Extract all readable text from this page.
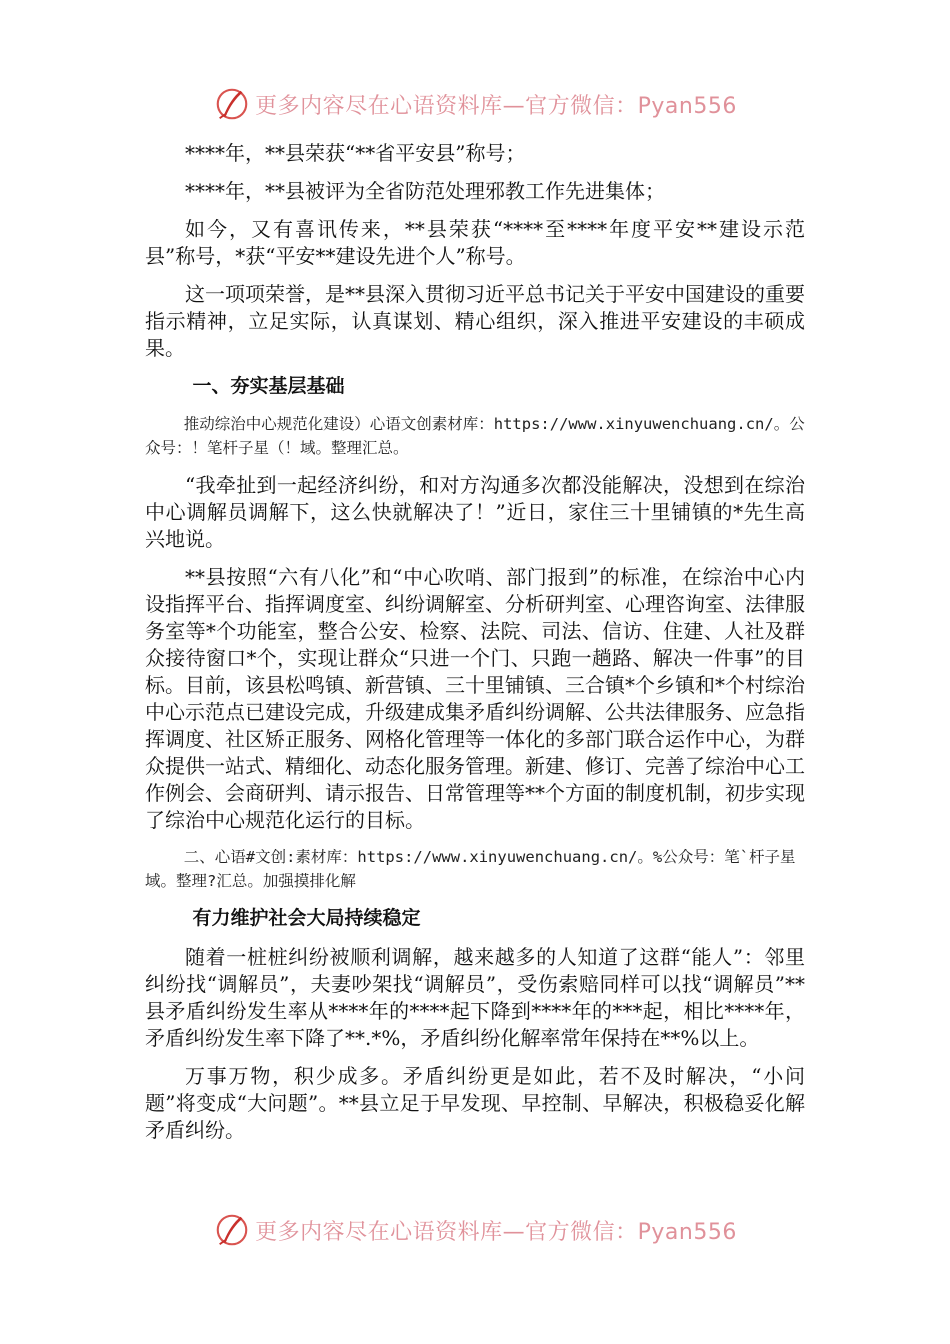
更多内容尽在心语资料库—官方微信：Pyan556

****年，**县荣获“**省平安县”称号；

****年，**县被评为全省防范处理邪教工作先进集体；

如今，又有喜讯传来，**县荣获“****至****年度平安**建设示范县”称号，*获“平安**建设先进个人”称号。

这一项项荣誉，是**县深入贯彻习近平总书记关于平安中国建设的重要指示精神，立足实际，认真谋划、精心组织，深入推进平安建设的丰硕成果。

一、夯实基层基础

推动综治中心规范化建设）心语文创素材库：https://www.xinyuwenchuang.cn/。公众号：！笔杆子星（！域。整理汇总。

“我牵扯到一起经济纠纷，和对方沟通多次都没能解决，没想到在综治中心调解员调解下，这么快就解决了！”近日，家住三十里铺镇的*先生高兴地说。

**县按照“六有八化”和“中心吹哨、部门报到”的标准，在综治中心内设指挥平台、指挥调度室、纠纷调解室、分析研判室、心理咨询室、法律服务室等*个功能室，整合公安、检察、法院、司法、信访、住建、人社及群众接待窗口*个，实现让群众“只进一个门、只跑一趟路、解决一件事”的目标。目前，该县松鸣镇、新营镇、三十里铺镇、三合镇*个乡镇和*个村综治中心示范点已建设完成，升级建成集矛盾纠纷调解、公共法律服务、应急指挥调度、社区矫正服务、网格化管理等一体化的多部门联合运作中心，为群众提供一站式、精细化、动态化服务管理。新建、修订、完善了综治中心工作例会、会商研判、请示报告、日常管理等**个方面的制度机制，初步实现了综治中心规范化运行的目标。

二、心语#文创:素材库：https://www.xinyuwenchuang.cn/。%公众号：笔`杆子星域。整理?汇总。加强摸排化解

有力维护社会大局持续稳定

随着一桩桩纠纷被顺利调解，越来越多的人知道了这群“能人”：邻里纠纷找“调解员”，夫妻吵架找“调解员”，受伤索赔同样可以找“调解员”**县矛盾纠纷发生率从****年的****起下降到****年的***起，相比****年，矛盾纠纷发生率下降了**.*%，矛盾纠纷化解率常年保持在**%以上。

万事万物，积少成多。矛盾纠纷更是如此，若不及时解决，“小问题”将变成“大问题”。**县立足于早发现、早控制、早解决，积极稳妥化解矛盾纠纷。

更多内容尽在心语资料库—官方微信：Pyan556
